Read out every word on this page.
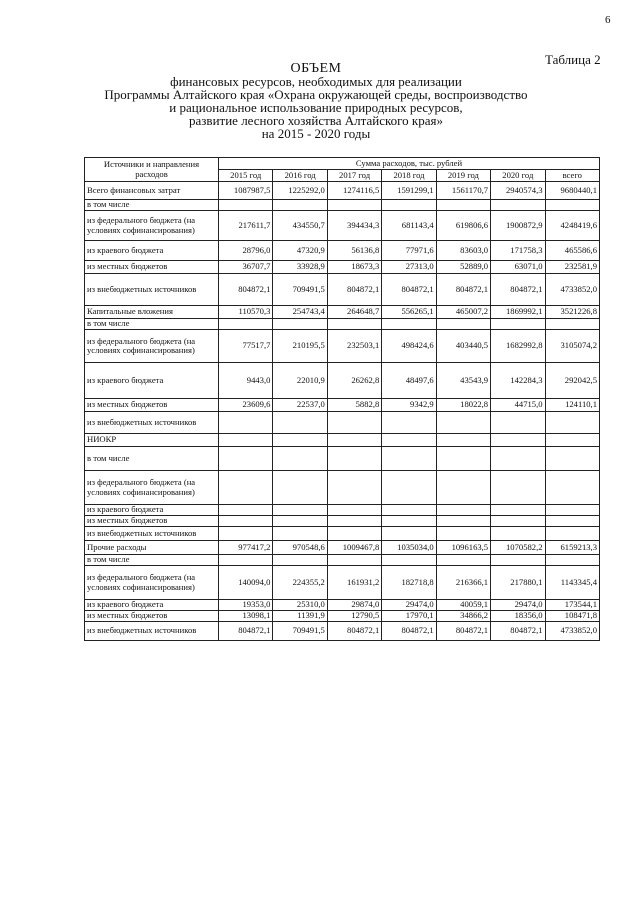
6
Таблица 2
ОБЪЕМ
финансовых ресурсов, необходимых для реализации
Программы Алтайского края «Охрана окружающей среды, воспроизводство
и рациональное использование природных ресурсов,
развитие лесного хозяйства Алтайского края»
на 2015 - 2020 годы
Источники и направления расходов	Сумма расходов, тыс. рублей						
	2015 год	2016 год	2017 год	2018 год	2019 год	2020 год	всего
Всего финансовых затрат	1087987,5	1225292,0	1274116,5	1591299,1	1561170,7	2940574,3	9680440,1
в том числе							
из федерального бюджета (на условиях софинансирования)	217611,7	434550,7	394434,3	681143,4	619806,6	1900872,9	4248419,6
из краевого бюджета	28796,0	47320,9	56136,8	77971,6	83603,0	171758,3	465586,6
из местных бюджетов	36707,7	33928,9	18673,3	27313,0	52889,0	63071,0	232581,9
из внебюджетных источников	804872,1	709491,5	804872,1	804872,1	804872,1	804872,1	4733852,0
Капитальные вложения	110570,3	254743,4	264648,7	556265,1	465007,2	1869992,1	3521226,8
в том числе							
из федерального бюджета (на условиях софинансирования)	77517,7	210195,5	232503,1	498424,6	403440,5	1682992,8	3105074,2
из краевого бюджета	9443,0	22010,9	26262,8	48497,6	43543,9	142284,3	292042,5
из местных бюджетов	23609,6	22537,0	5882,8	9342,9	18022,8	44715,0	124110,1
из внебюджетных источников							
НИОКР							
в том числе							
из федерального бюджета (на условиях софинансирования)							
из краевого бюджета							
из местных бюджетов							
из внебюджетных источников							
Прочие расходы	977417,2	970548,6	1009467,8	1035034,0	1096163,5	1070582,2	6159213,3
в том числе							
из федерального бюджета (на условиях софинансирования)	140094,0	224355,2	161931,2	182718,8	216366,1	217880,1	1143345,4
из краевого бюджета	19353,0	25310,0	29874,0	29474,0	40059,1	29474,0	173544,1
из местных бюджетов	13098,1	11391,9	12790,5	17970,1	34866,2	18356,0	108471,8
из внебюджетных источников	804872,1	709491,5	804872,1	804872,1	804872,1	804872,1	4733852,0
